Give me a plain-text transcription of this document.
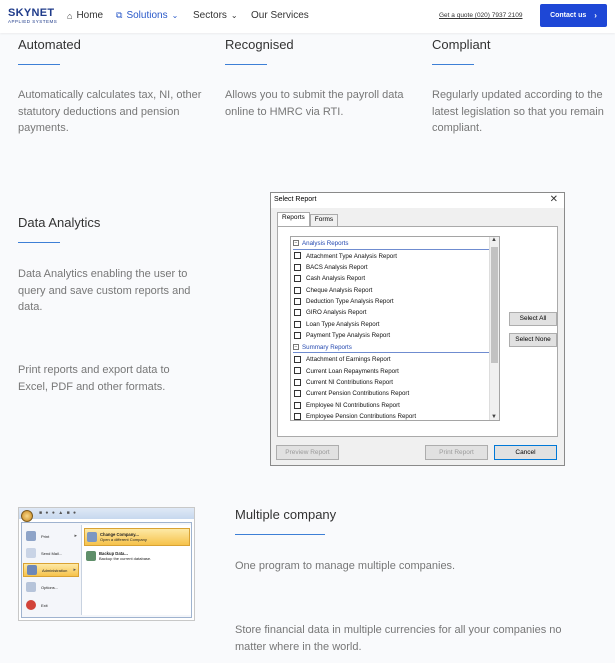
SKYNET
APPLIED SYSTEMS
⌂ Home ⧉ Solutions ⌄ Sectors ⌄ Our Services	Get a quote (020) 7937 2109	Contact us ›
Automated
Automatically calculates tax, NI, other statutory deductions and pension payments.
Recognised
Allows you to submit the payroll data online to HMRC via RTI.
Compliant
Regularly updated according to the latest legislation so that you remain compliant.
Data Analytics
Data Analytics enabling the user to query and save custom reports and data.
Print reports and export data to Excel, PDF and other formats.
Select Report	✕
Reports	Forms
− Analysis Reports
Attachment Type Analysis Report
BACS Analysis Report
Cash Analysis Report
Cheque Analysis Report
Deduction Type Analysis Report
GIRO Analysis Report
Loan Type Analysis Report
Payment Type Analysis Report
− Summary Reports
Attachment of Earnings Report
Current Loan Repayments Report
Current NI Contributions Report
Current Pension Contributions Report
Employee NI Contributions Report
Employee Pension Contributions Report
▲
▼
Select All
Select None
Preview Report	Print Report	Cancel
■ ● ● ▲ ■ ●
Print	▸
Send Mail...
Administration ▸
Options...
Exit
Change Company...
Open a different Company
Backup Data...
Backup the current database.
Multiple company
One program to manage multiple companies.
Store financial data in multiple currencies for all your companies no matter where in the world.
